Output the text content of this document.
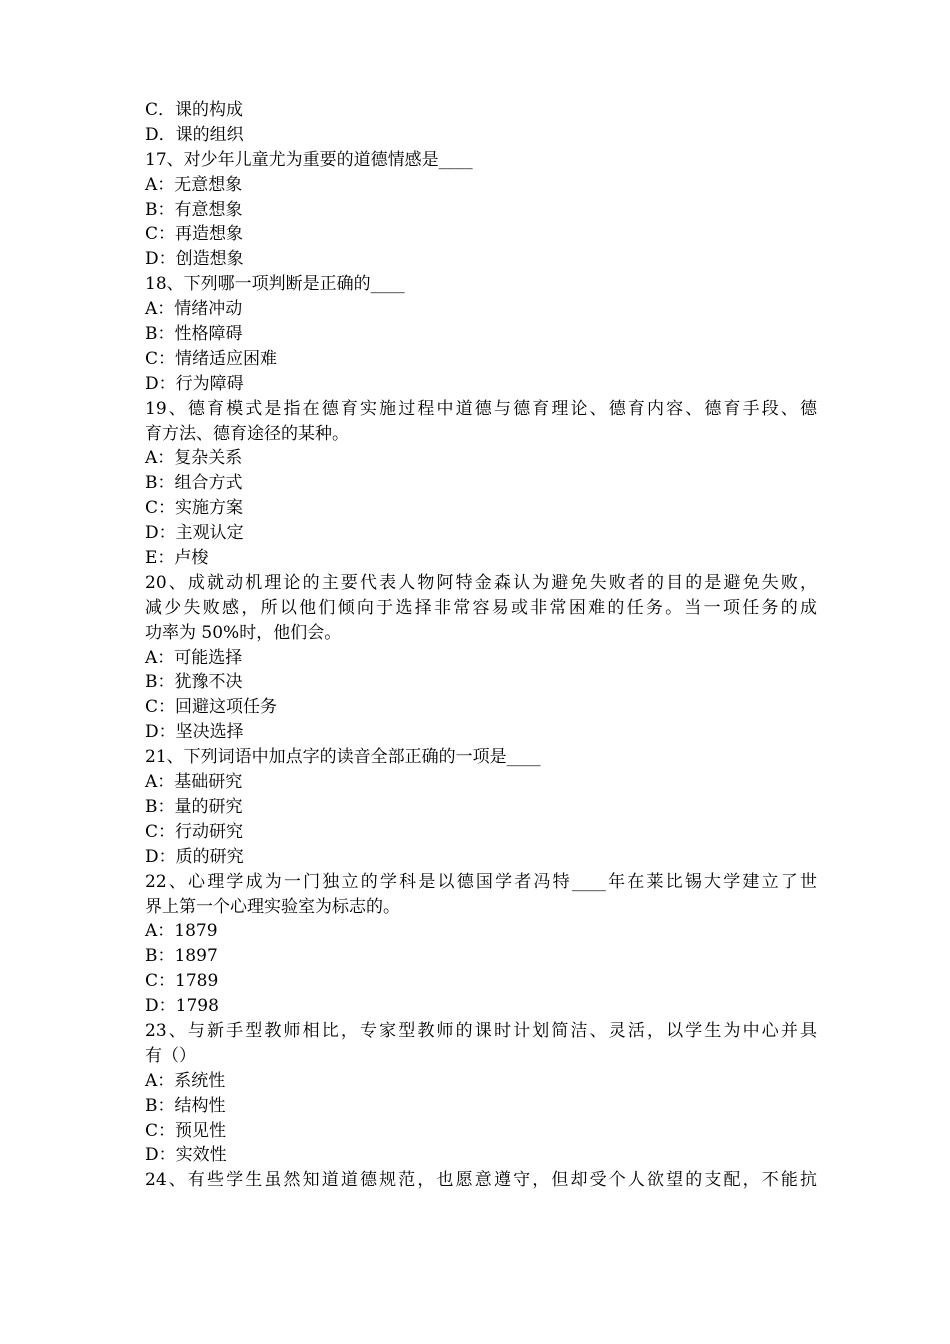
C．课的构成
D．课的组织
17、对少年儿童尤为重要的道德情感是____
A：无意想象
B：有意想象
C：再造想象
D：创造想象
18、下列哪一项判断是正确的____
A：情绪冲动
B：性格障碍
C：情绪适应困难
D：行为障碍
19、德育模式是指在德育实施过程中道德与德育理论、德育内容、德育手段、德
育方法、德育途径的某种。
A：复杂关系
B：组合方式
C：实施方案
D：主观认定
E：卢梭
20、成就动机理论的主要代表人物阿特金森认为避免失败者的目的是避免失败，
减少失败感，所以他们倾向于选择非常容易或非常困难的任务。当一项任务的成
功率为 50%时，他们会。
A：可能选择
B：犹豫不决
C：回避这项任务
D：坚决选择
21、下列词语中加点字的读音全部正确的一项是____
A：基础研究
B：量的研究
C：行动研究
D：质的研究
22、心理学成为一门独立的学科是以德国学者冯特____年在莱比锡大学建立了世
界上第一个心理实验室为标志的。
A：1879
B：1897
C：1789
D：1798
23、与新手型教师相比，专家型教师的课时计划简洁、灵活，以学生为中心并具
有（）
A：系统性
B：结构性
C：预见性
D：实效性
24、有些学生虽然知道道德规范，也愿意遵守，但却受个人欲望的支配，不能抗
